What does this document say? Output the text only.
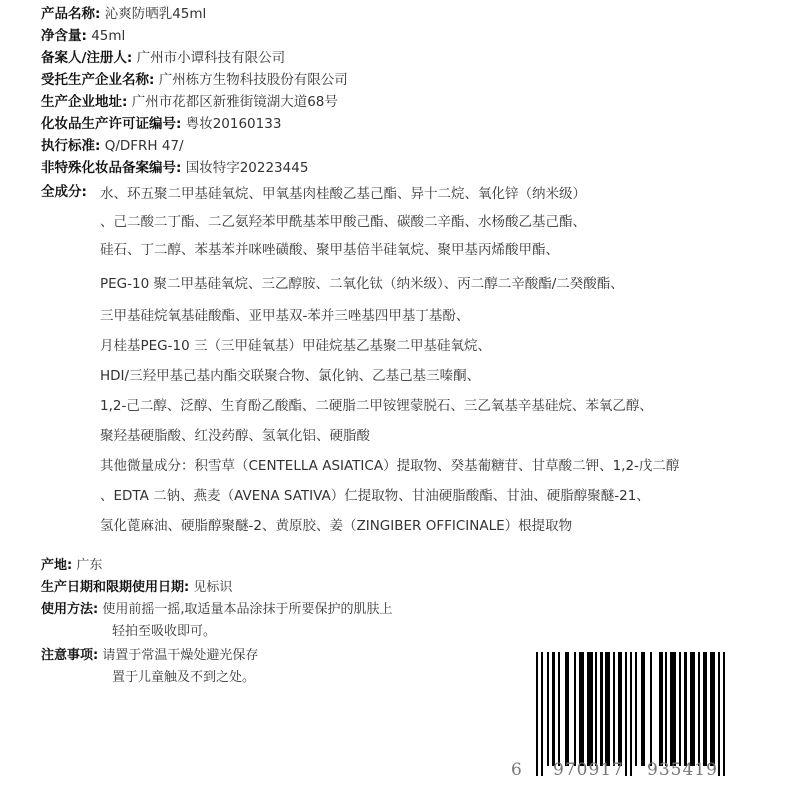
产品名称: 沁爽防晒乳45ml
净含量: 45ml
备案人/注册人: 广州市小谭科技有限公司
受托生产企业名称: 广州栋方生物科技股份有限公司
生产企业地址: 广州市花都区新雅街镜湖大道68号
化妆品生产许可证编号: 粤妆20160133
执行标准: Q/DFRH 47/
非特殊化妆品备案编号: 国妆特字20223445
全成分: 水、环五聚二甲基硅氧烷、甲氧基肉桂酸乙基己酯、异十二烷、氧化锌（纳米级）
、己二酸二丁酯、二乙氨羟苯甲酰基苯甲酸己酯、碳酸二辛酯、水杨酸乙基己酯、
硅石、丁二醇、苯基苯并咪唑磺酸、聚甲基倍半硅氧烷、聚甲基丙烯酸甲酯、
PEG-10 聚二甲基硅氧烷、三乙醇胺、二氧化钛（纳米级）、丙二醇二辛酸酯/二癸酸酯、
三甲基硅烷氧基硅酸酯、亚甲基双-苯并三唑基四甲基丁基酚、
月桂基PEG-10 三（三甲硅氧基）甲硅烷基乙基聚二甲基硅氧烷、
HDI/三羟甲基己基内酯交联聚合物、氯化钠、乙基己基三嗪酮、
1,2-己二醇、泛醇、生育酚乙酸酯、二硬脂二甲铵锂蒙脱石、三乙氧基辛基硅烷、苯氧乙醇、
聚羟基硬脂酸、红没药醇、氢氧化铝、硬脂酸
其他微量成分：积雪草（CENTELLA ASIATICA）提取物、癸基葡糖苷、甘草酸二钾、1,2-戊二醇
、EDTA 二钠、燕麦（AVENA SATIVA）仁提取物、甘油硬脂酸酯、甘油、硬脂醇聚醚-21、
氢化蓖麻油、硬脂醇聚醚-2、黄原胶、姜（ZINGIBER OFFICINALE）根提取物
产地: 广东
生产日期和限期使用日期: 见标识
使用方法: 使用前摇一摇,取适量本品涂抹于所要保护的肌肤上
轻拍至吸收即可。
注意事项: 请置于常温干燥处避光保存
置于儿童触及不到之处。
6 970917 935419
